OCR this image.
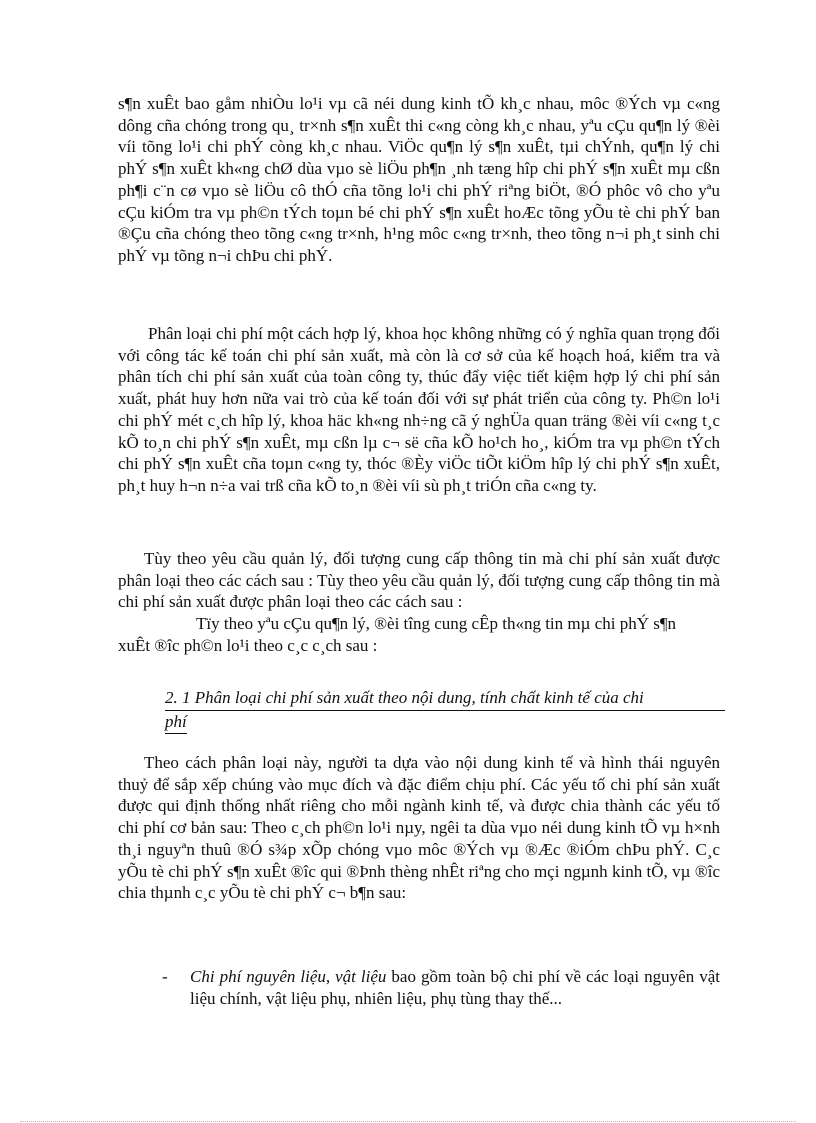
s¶n xuÊt bao gåm nhiÒu lo¹i vµ cã néi dung kinh tÕ kh¸c nhau, môc ®Ých vµ c«ng dông cña chóng trong qu¸ tr×nh s¶n xuÊt thi c«ng còng kh¸c nhau, yªu cÇu qu¶n lý ®èi víi tõng lo¹i chi phÝ còng kh¸c nhau. ViÖc qu¶n lý s¶n xuÊt, tµi chÝnh, qu¶n lý chi phÝ s¶n xuÊt kh«ng chØ dùa vµo sè liÖu ph¶n ¸nh tæng hîp chi phÝ s¶n xuÊt mµ cßn ph¶i c¨n cø vµo sè liÖu cô thÓ cña tõng lo¹i chi phÝ riªng biÖt, ®Ó phôc vô cho yªu cÇu kiÓm tra vµ ph©n tÝch toµn bé chi phÝ s¶n xuÊt hoÆc tõng yÕu tè chi phÝ ban ®Çu cña chóng theo tõng c«ng tr×nh, h¹ng môc c«ng tr×nh, theo tõng n¬i ph¸t sinh chi phÝ vµ tõng n¬i chÞu chi phÝ.

Phân loại chi phí một cách hợp lý, khoa học không những có ý nghĩa quan trọng đối với công tác kế toán chi phí sản xuất, mà còn là cơ sở của kế hoạch hoá, kiểm tra và phân tích chi phí sản xuất của toàn công ty, thúc đẩy việc tiết kiệm hợp lý chi phí sản xuất, phát huy hơn nữa vai trò của kế toán đối với sự phát triển của công ty. Ph©n lo¹i chi phÝ mét c¸ch hîp lý, khoa häc kh«ng nh÷ng cã ý nghÜa quan träng ®èi víi c«ng t¸c kÕ to¸n chi phÝ s¶n xuÊt, mµ cßn lµ c¬ së cña kÕ ho¹ch ho¸, kiÓm tra vµ ph©n tÝch chi phÝ s¶n xuÊt cña toµn c«ng ty, thóc ®Èy viÖc tiÕt kiÖm hîp lý chi phÝ s¶n xuÊt, ph¸t huy h¬n n÷a vai trß cña kÕ to¸n ®èi víi sù ph¸t triÓn cña c«ng ty.

Tùy theo yêu cầu quản lý, đối tượng cung cấp thông tin mà chi phí sản xuất được phân loại theo các cách sau : Tùy theo yêu cầu quản lý, đối tượng cung cấp thông tin mà chi phí sản xuất được phân loại theo các cách sau :
Tïy theo yªu cÇu qu¶n lý, ®èi tîng cung cÊp th«ng tin mµ chi phÝ s¶n
xuÊt ®îc ph©n lo¹i theo c¸c c¸ch sau :

2. 1 Phân loại chi phí sản xuất theo nội dung, tính chất kinh tế của chi
phí

Theo cách phân loại này, người ta dựa vào nội dung kinh tế và hình thái nguyên thuỷ để sắp xếp chúng vào mục đích và đặc điểm chịu phí. Các yếu tố chi phí sản xuất được qui định thống nhất riêng cho mỗi ngành kinh tế, và được chia thành các yếu tố chi phí cơ bản sau: Theo c¸ch ph©n lo¹i nµy, ngêi ta dùa vµo néi dung kinh tÕ vµ h×nh th¸i nguyªn thuû ®Ó s¾p xÕp chóng vµo môc ®Ých vµ ®Æc ®iÓm chÞu phÝ. C¸c yÕu tè chi phÝ s¶n xuÊt ®îc qui ®Þnh thèng nhÊt riªng cho mçi ngµnh kinh tÕ, vµ ®îc chia thµnh c¸c yÕu tè chi phÝ c¬ b¶n sau:

- Chi phí nguyên liệu, vật liệu bao gồm toàn bộ chi phí về các loại nguyên vật liệu chính, vật liệu phụ, nhiên liệu, phụ tùng thay thế...
